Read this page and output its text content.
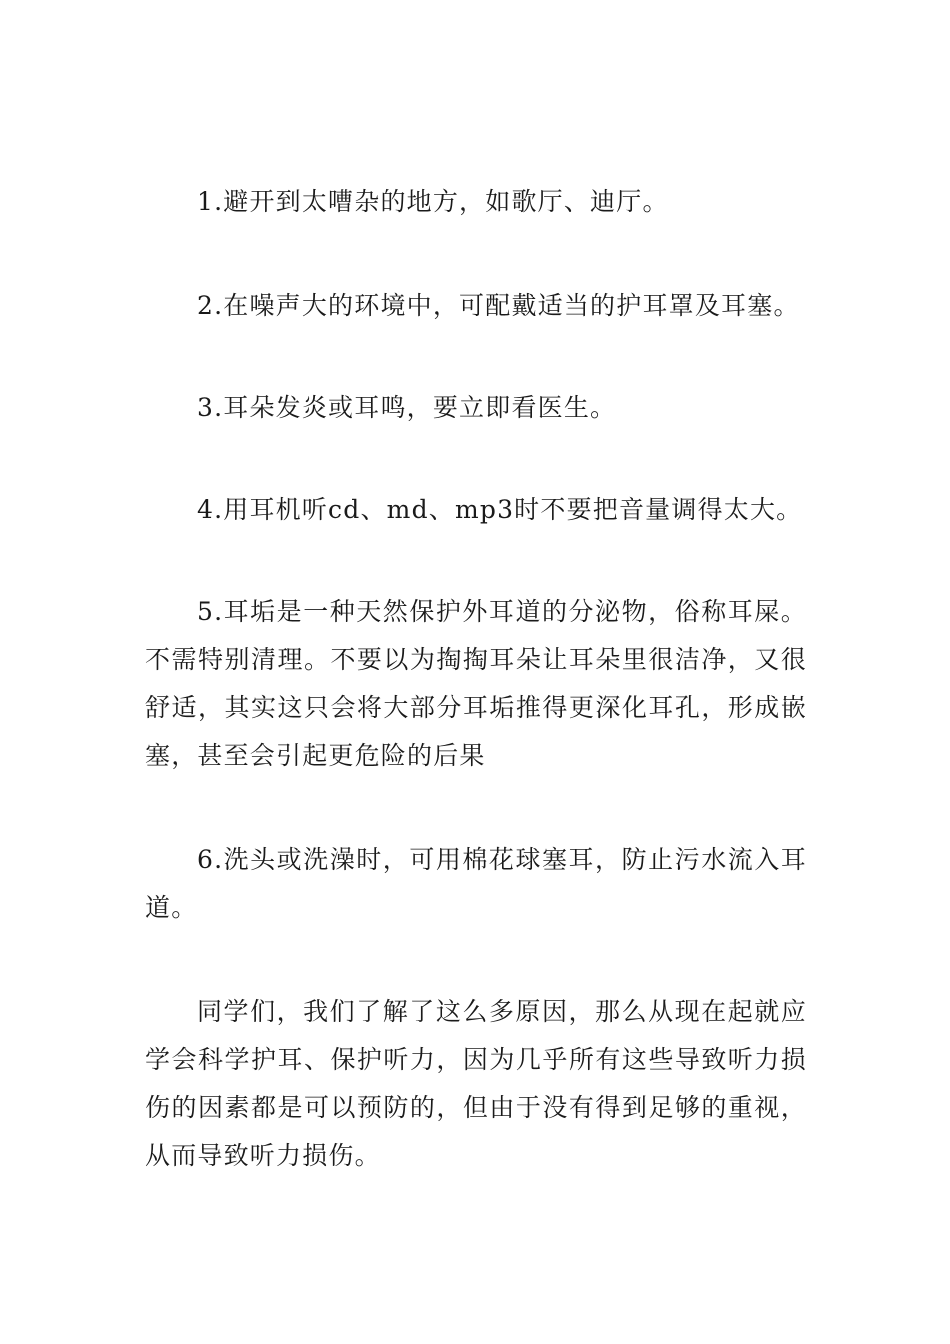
1.避开到太嘈杂的地方，如歌厅、迪厅。

2.在噪声大的环境中，可配戴适当的护耳罩及耳塞。

3.耳朵发炎或耳鸣，要立即看医生。

4.用耳机听cd、md、mp3时不要把音量调得太大。

5.耳垢是一种天然保护外耳道的分泌物，俗称耳屎。不需特别清理。不要以为掏掏耳朵让耳朵里很洁净，又很舒适，其实这只会将大部分耳垢推得更深化耳孔，形成嵌塞，甚至会引起更危险的后果

6.洗头或洗澡时，可用棉花球塞耳，防止污水流入耳道。

同学们，我们了解了这么多原因，那么从现在起就应学会科学护耳、保护听力，因为几乎所有这些导致听力损伤的因素都是可以预防的，但由于没有得到足够的重视，从而导致听力损伤。
